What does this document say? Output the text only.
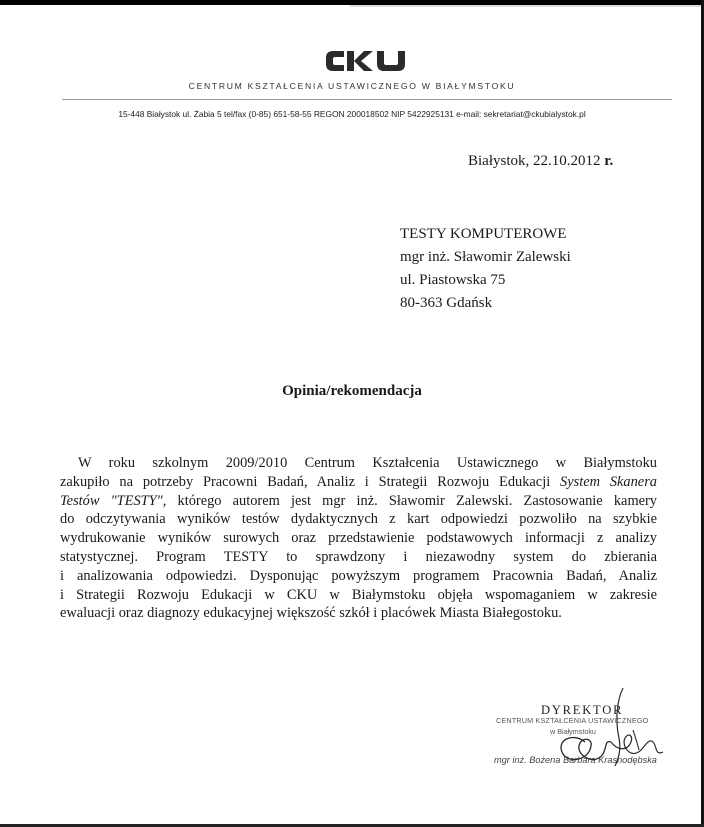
CENTRUM KSZTAŁCENIA USTAWICZNEGO W BIAŁYMSTOKU
15-448 Białystok ul. Żabia 5 tel/fax (0-85) 651-58-55 REGON 200018502 NIP 5422925131 e-mail: sekretariat@ckubialystok.pl
Białystok, 22.10.2012 r.
TESTY KOMPUTEROWE
mgr inż. Sławomir Zalewski
ul. Piastowska 75
80-363 Gdańsk
Opinia/rekomendacja
W roku szkolnym 2009/2010 Centrum Kształcenia Ustawicznego w Białymstoku
zakupiło na potrzeby Pracowni Badań, Analiz i Strategii Rozwoju Edukacji System Skanera
Testów "TESTY", którego autorem jest mgr inż. Sławomir Zalewski. Zastosowanie kamery
do odczytywania wyników testów dydaktycznych z kart odpowiedzi pozwoliło na szybkie
wydrukowanie wyników surowych oraz przedstawienie podstawowych informacji z analizy
statystycznej. Program TESTY to sprawdzony i niezawodny system do zbierania
i analizowania odpowiedzi. Dysponując powyższym programem Pracownia Badań, Analiz
i Strategii Rozwoju Edukacji w CKU w Białymstoku objęła wspomaganiem w zakresie
ewaluacji oraz diagnozy edukacyjnej większość szkół i placówek Miasta Białegostoku.
DYREKTOR
CENTRUM KSZTAŁCENIA USTAWICZNEGO
w Białymstoku
mgr inż. Bożena Barbara Krasnodębska
